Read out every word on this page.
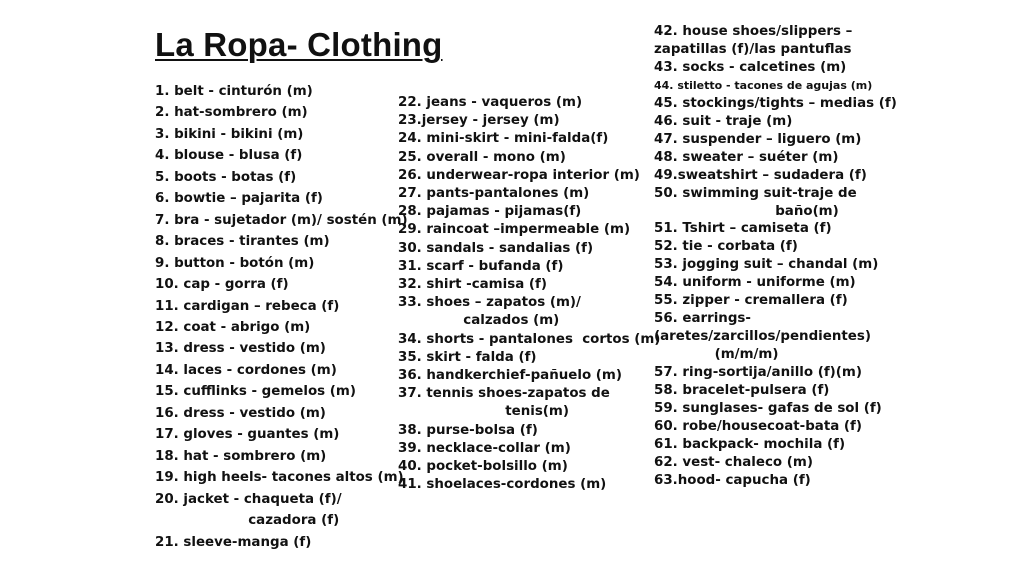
La Ropa- Clothing
1. belt - cinturón (m)
2. hat-sombrero (m)
3. bikini - bikini (m)
4. blouse - blusa (f)
5. boots - botas (f)
6. bowtie – pajarita (f)
7. bra - sujetador (m)/ sostén (m)
8. braces - tirantes (m)
9. button - botón (m)
10. cap - gorra (f)
11. cardigan – rebeca (f)
12. coat - abrigo (m)
13. dress - vestido (m)
14. laces - cordones (m)
15. cufflinks - gemelos (m)
16. dress - vestido (m)
17. gloves - guantes (m)
18. hat - sombrero (m)
19. high heels- tacones altos (m)
20. jacket - chaqueta (f)/
cazadora (f)
21. sleeve-manga (f)
22. jeans - vaqueros (m)
23.jersey - jersey (m)
24. mini-skirt - mini-falda(f)
25. overall - mono (m)
26. underwear-ropa interior (m)
27. pants-pantalones (m)
28. pajamas - pijamas(f)
29. raincoat –impermeable (m)
30. sandals - sandalias (f)
31. scarf - bufanda (f)
32. shirt -camisa (f)
33. shoes – zapatos (m)/
calzados (m)
34. shorts - pantalones  cortos (m)
35. skirt - falda (f)
36. handkerchief-pañuelo (m)
37. tennis shoes-zapatos de
tenis(m)
38. purse-bolsa (f)
39. necklace-collar (m)
40. pocket-bolsillo (m)
41. shoelaces-cordones (m)
42. house shoes/slippers –
zapatillas (f)/las pantuflas
43. socks - calcetines (m)
44. stiletto - tacones de agujas (m)
45. stockings/tights – medias (f)
46. suit - traje (m)
47. suspender – liguero (m)
48. sweater – suéter (m)
49.sweatshirt – sudadera (f)
50. swimming suit-traje de
baño(m)
51. Tshirt – camiseta (f)
52. tie - corbata (f)
53. jogging suit – chandal (m)
54. uniform - uniforme (m)
55. zipper - cremallera (f)
56. earrings-
(aretes/zarcillos/pendientes)
(m/m/m)
57. ring-sortija/anillo (f)(m)
58. bracelet-pulsera (f)
59. sunglases- gafas de sol (f)
60. robe/housecoat-bata (f)
61. backpack- mochila (f)
62. vest- chaleco (m)
63.hood- capucha (f)
